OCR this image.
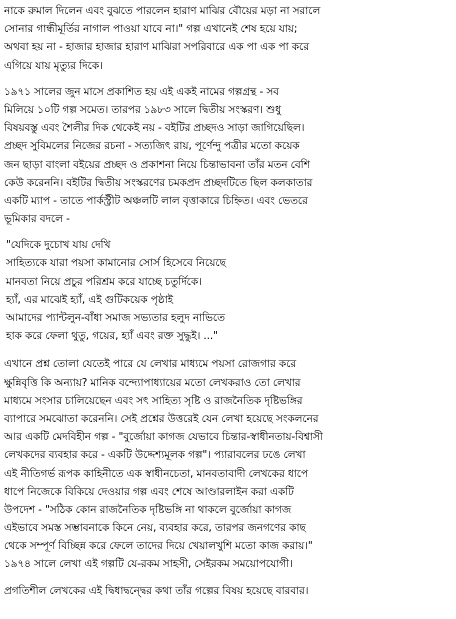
নাকে রুমাল দিলেন এবং বুঝতে পারলেন হারাণ মাঝির বৌয়ের মড়া না সরালে
সোনার গান্ধীমূর্তির নাগাল পাওয়া যাবে না।" গল্প এখানেই শেষ হয়ে যায়;
অথবা হয় না - হাজার হাজার হারাণ মাঝিরা সপরিবারে এক পা এক পা করে
এগিয়ে যায় মৃত্যুর দিকে।

১৯৭১ সালের জুন মাসে প্রকাশিত হয় এই একই নামের গল্পগ্রন্থ - সব
মিলিয়ে ১০টি গল্প সমেত। তারপর ১৯৮৩ সালে দ্বিতীয় সংস্করণ। শুধু
বিষয়বস্তু এবং শৈলীর দিক থেকেই নয় - বইটির প্রচ্ছদও সাড়া জাগিয়েছিল।
প্রচ্ছদ সুবিমলের নিজের রচনা - সত্যজিৎ রায়, পূর্ণেন্দু পত্রীর মতো কয়েক
জন ছাড়া বাংলা বইয়ের প্রচ্ছদ ও প্রকাশনা নিয়ে চিন্তাভাবনা তাঁর মতন বেশি
কেউ করেননি। বইটির দ্বিতীয় সংস্করণের চমকপ্রদ প্রচ্ছদটিতে ছিল কলকাতার
একটি ম্যাপ - তাতে পার্কস্ট্রীট অঞ্চলটি লাল বৃত্তাকারে চিহ্নিত। এবং ভেতরে
ভূমিকার বদলে -

"যেদিকে দুচোখ যায় দেখি
সাহিত্যকে যারা পয়সা কামানোর সোর্স হিসেবে নিয়েছে
মানবতা নিয়ে প্রচুর পরিশ্রম করে যাচ্ছে চতুর্দিকে।
হ্যাঁ, এর মাঝেই হ্যাঁ, এই গুটিকয়েক পৃষ্ঠাই
আমাদের প্যান্টলুন-বাঁধা সমাজ সভ্যতার হলুদ নাভিতে
হাক করে ফেলা থুতু, গয়ের, হ্যাঁ এবং রক্ত সুদ্ধুই। ..."

এখানে প্রশ্ন তোলা যেতেই পারে যে লেখার মাধ্যমে পয়সা রোজগার করে
ক্ষুন্নিবৃত্তি কি অন্যায়? মানিক বন্দ্যোপাধ্যায়ের মতো লেখকরাও তো লেখার
মাধ্যমে সংসার চালিয়েছেন এবং সৎ সাহিত্য সৃষ্টি ও রাজনৈতিক দৃষ্টিভঙ্গির
ব্যাপারে সমঝোতা করেননি। সেই প্রশ্নের উত্তরেই যেন লেখা হয়েছে সংকলনের
আর একটি মেদবিহীন গল্প - "বুর্জোয়া কাগজ যেভাবে চিন্তার-স্বাধীনতায়-বিশ্বাসী
লেখকদের ব্যবহার করে - একটি উদ্দেশ্যমূলক গল্প"। প্যারাবলের ঢঙে লেখা
এই নীতিগর্ভ রূপক কাহিনীতে এক স্বাধীনচেতা, মানবতাবাদী লেখকের ধাপে
ধাপে নিজেকে বিকিয়ে দেওয়ার গল্প এবং শেষে আণ্ডারলাইন করা একটি
উপদেশ - "সঠিক কোন রাজনৈতিক দৃষ্টিভঙ্গি না থাকলে বুর্জোয়া কাগজ
এইভাবে সমস্ত সম্ভাবনাকে কিনে নেয়, ব্যবহার করে, তারপর জনগণের কাছ
থেকে সম্পূর্ণ বিচ্ছিন্ন করে ফেলে তাদের দিয়ে খেয়ালখুশি মতো কাজ করায়।"
১৯৭৪ সালে লেখা এই গল্পটি যে-রকম সাহসী, সেইরকম সময়োপযোগী।

প্রগতিশীল লেখকের এই দ্বিধাদ্বন্দ্বের কথা তাঁর গল্পের বিষয় হয়েছে বারবার।
